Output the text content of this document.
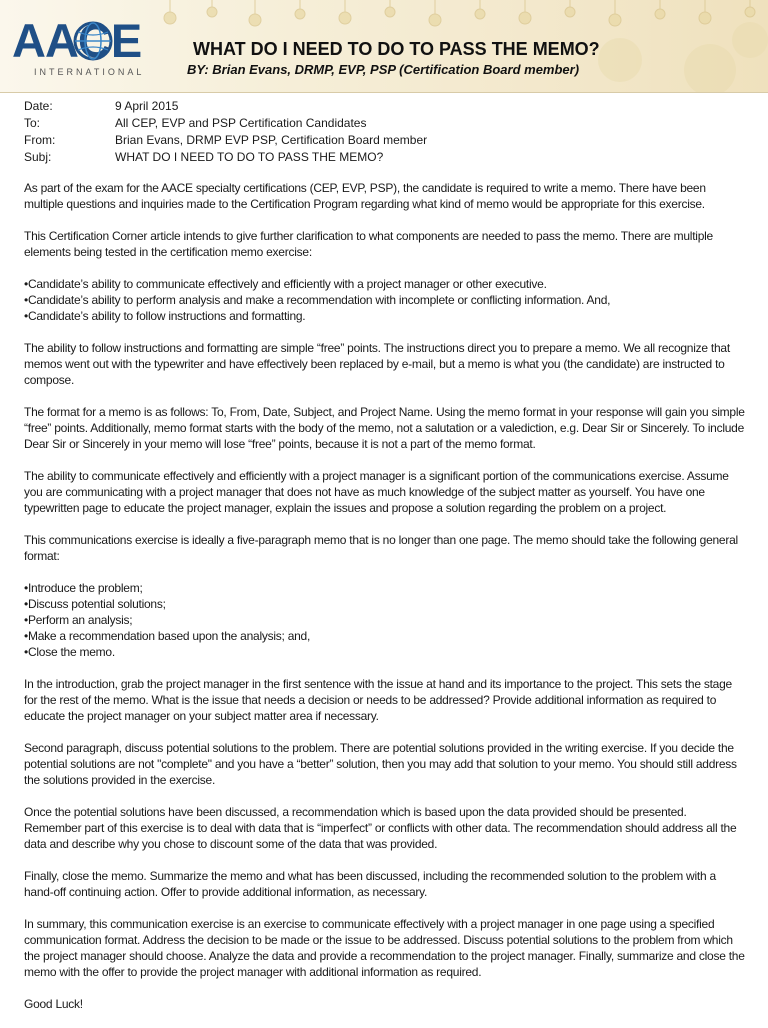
AACE
INTERNATIONAL
WHAT DO I NEED TO DO TO PASS THE MEMO?
BY: Brian Evans, DRMP, EVP, PSP (Certification Board member)
Date:	9 April 2015
To:	All CEP, EVP and PSP Certification Candidates
From:	Brian Evans, DRMP EVP PSP, Certification Board member
Subj:	WHAT DO I NEED TO DO TO PASS THE MEMO?

As part of the exam for the AACE specialty certifications (CEP, EVP, PSP), the candidate is required to write a memo. There have been multiple questions and inquiries made to the Certification Program regarding what kind of memo would be appropriate for this exercise.

This Certification Corner article intends to give further clarification to what components are needed to pass the memo. There are multiple elements being tested in the certification memo exercise:

• Candidate’s ability to communicate effectively and efficiently with a project manager or other executive.
• Candidate’s ability to perform analysis and make a recommendation with incomplete or conflicting information. And,
• Candidate’s ability to follow instructions and formatting.

The ability to follow instructions and formatting are simple “free” points. The instructions direct you to prepare a memo. We all recognize that memos went out with the typewriter and have effectively been replaced by e-mail, but a memo is what you (the candidate) are instructed to compose.

The format for a memo is as follows: To, From, Date, Subject, and Project Name. Using the memo format in your response will gain you simple “free” points. Additionally, memo format starts with the body of the memo, not a salutation or a valediction, e.g. Dear Sir or Sincerely. To include Dear Sir or Sincerely in your memo will lose “free” points, because it is not a part of the memo format.

The ability to communicate effectively and efficiently with a project manager is a significant portion of the communications exercise. Assume you are communicating with a project manager that does not have as much knowledge of the subject matter as yourself. You have one typewritten page to educate the project manager, explain the issues and propose a solution regarding the problem on a project.

This communications exercise is ideally a five-paragraph memo that is no longer than one page. The memo should take the following general format:

• Introduce the problem;
• Discuss potential solutions;
• Perform an analysis;
• Make a recommendation based upon the analysis; and,
• Close the memo.

In the introduction, grab the project manager in the first sentence with the issue at hand and its importance to the project. This sets the stage for the rest of the memo. What is the issue that needs a decision or needs to be addressed? Provide additional information as required to educate the project manager on your subject matter area if necessary.

Second paragraph, discuss potential solutions to the problem. There are potential solutions provided in the writing exercise. If you decide the potential solutions are not "complete" and you have a “better” solution, then you may add that solution to your memo. You should still address the solutions provided in the exercise.

Once the potential solutions have been discussed, a recommendation which is based upon the data provided should be presented. Remember part of this exercise is to deal with data that is “imperfect” or conflicts with other data. The recommendation should address all the data and describe why you chose to discount some of the data that was provided.

Finally, close the memo. Summarize the memo and what has been discussed, including the recommended solution to the problem with a hand-off continuing action. Offer to provide additional information, as necessary.

In summary, this communication exercise is an exercise to communicate effectively with a project manager in one page using a specified communication format. Address the decision to be made or the issue to be addressed. Discuss potential solutions to the problem from which the project manager should choose. Analyze the data and provide a recommendation to the project manager. Finally, summarize and close the memo with the offer to provide the project manager with additional information as required.

Good Luck!
